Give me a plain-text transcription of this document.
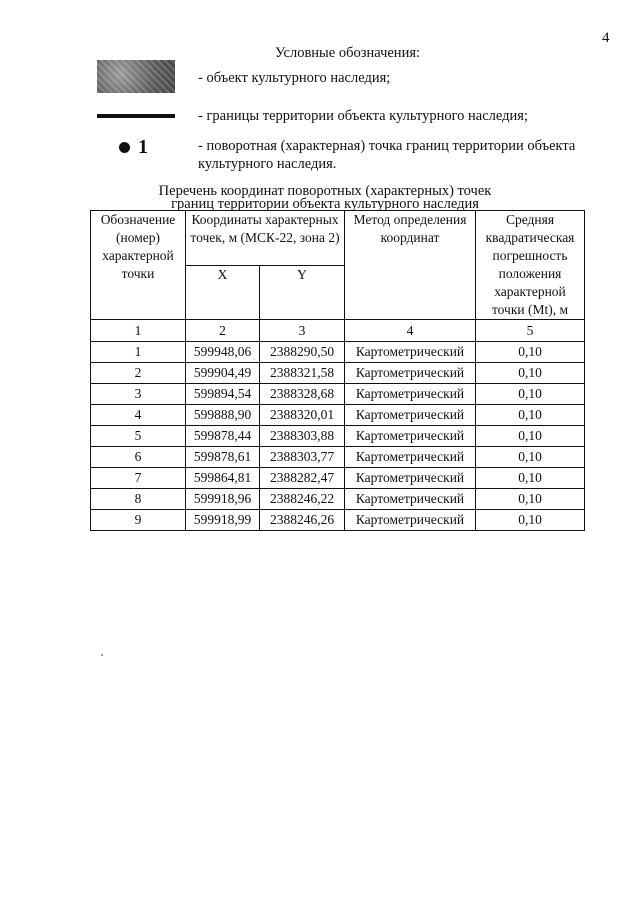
4
Условные обозначения:
- объект культурного наследия;
- границы территории объекта культурного наследия;
1	- поворотная (характерная) точка границ территории объекта культурного наследия.
Перечень координат поворотных (характерных) точек
границ территории объекта культурного наследия
Обозначение (номер) характерной точки	Координаты характерных точек, м (МСК-22, зона 2)		Метод определения координат	Средняя квадратическая погрешность положения характерной точки (Mt), м
	X	Y		
1	2	3	4	5
1	599948,06	2388290,50	Картометрический	0,10
2	599904,49	2388321,58	Картометрический	0,10
3	599894,54	2388328,68	Картометрический	0,10
4	599888,90	2388320,01	Картометрический	0,10
5	599878,44	2388303,88	Картометрический	0,10
6	599878,61	2388303,77	Картометрический	0,10
7	599864,81	2388282,47	Картометрический	0,10
8	599918,96	2388246,22	Картометрический	0,10
9	599918,99	2388246,26	Картометрический	0,10
